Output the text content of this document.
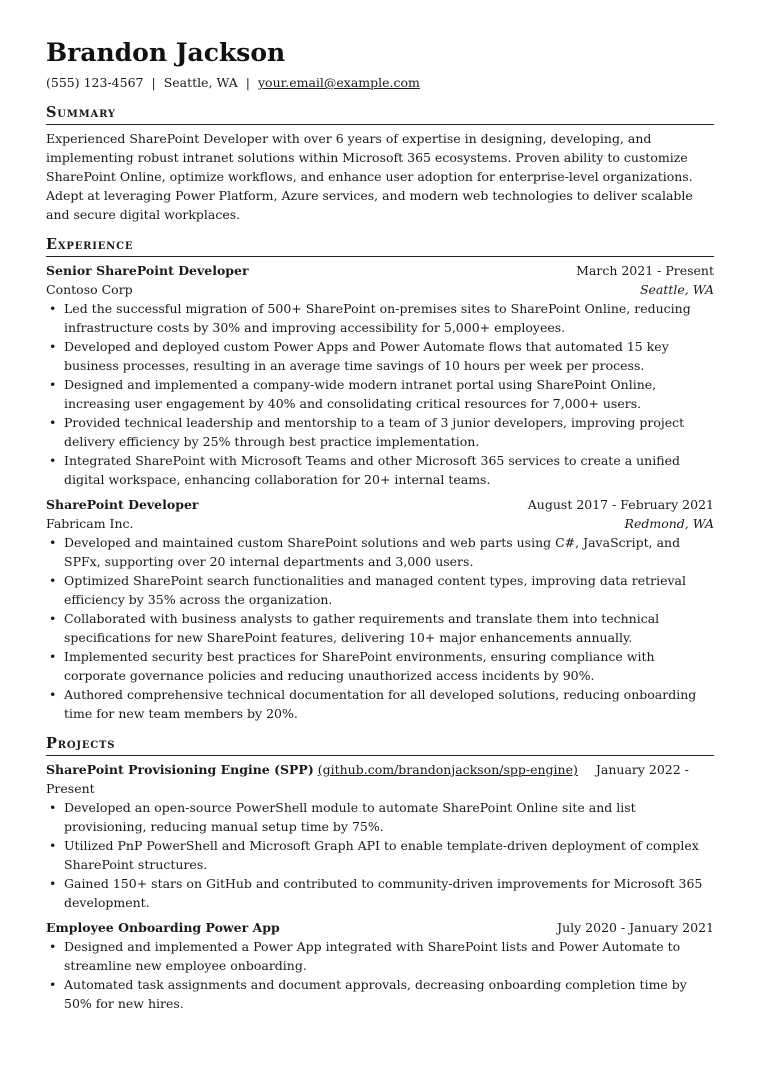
Brandon Jackson
(555) 123-4567 | Seattle, WA | your.email@example.com
Summary
Experienced SharePoint Developer with over 6 years of expertise in designing, developing, and implementing robust intranet solutions within Microsoft 365 ecosystems. Proven ability to customize SharePoint Online, optimize workflows, and enhance user adoption for enterprise-level organizations. Adept at leveraging Power Platform, Azure services, and modern web technologies to deliver scalable and secure digital workplaces.
Experience
Senior SharePoint Developer	March 2021 - Present
Contoso Corp	Seattle, WA
• Led the successful migration of 500+ SharePoint on-premises sites to SharePoint Online, reducing infrastructure costs by 30% and improving accessibility for 5,000+ employees.
• Developed and deployed custom Power Apps and Power Automate flows that automated 15 key business processes, resulting in an average time savings of 10 hours per week per process.
• Designed and implemented a company-wide modern intranet portal using SharePoint Online, increasing user engagement by 40% and consolidating critical resources for 7,000+ users.
• Provided technical leadership and mentorship to a team of 3 junior developers, improving project delivery efficiency by 25% through best practice implementation.
• Integrated SharePoint with Microsoft Teams and other Microsoft 365 services to create a unified digital workspace, enhancing collaboration for 20+ internal teams.
SharePoint Developer	August 2017 - February 2021
Fabricam Inc.	Redmond, WA
• Developed and maintained custom SharePoint solutions and web parts using C#, JavaScript, and SPFx, supporting over 20 internal departments and 3,000 users.
• Optimized SharePoint search functionalities and managed content types, improving data retrieval efficiency by 35% across the organization.
• Collaborated with business analysts to gather requirements and translate them into technical specifications for new SharePoint features, delivering 10+ major enhancements annually.
• Implemented security best practices for SharePoint environments, ensuring compliance with corporate governance policies and reducing unauthorized access incidents by 90%.
• Authored comprehensive technical documentation for all developed solutions, reducing onboarding time for new team members by 20%.
Projects
SharePoint Provisioning Engine (SPP) (github.com/brandonjackson/spp-engine) January 2022 - Present
• Developed an open-source PowerShell module to automate SharePoint Online site and list provisioning, reducing manual setup time by 75%.
• Utilized PnP PowerShell and Microsoft Graph API to enable template-driven deployment of complex SharePoint structures.
• Gained 150+ stars on GitHub and contributed to community-driven improvements for Microsoft 365 development.
Employee Onboarding Power App	July 2020 - January 2021
• Designed and implemented a Power App integrated with SharePoint lists and Power Automate to streamline new employee onboarding.
• Automated task assignments and document approvals, decreasing onboarding completion time by 50% for new hires.
